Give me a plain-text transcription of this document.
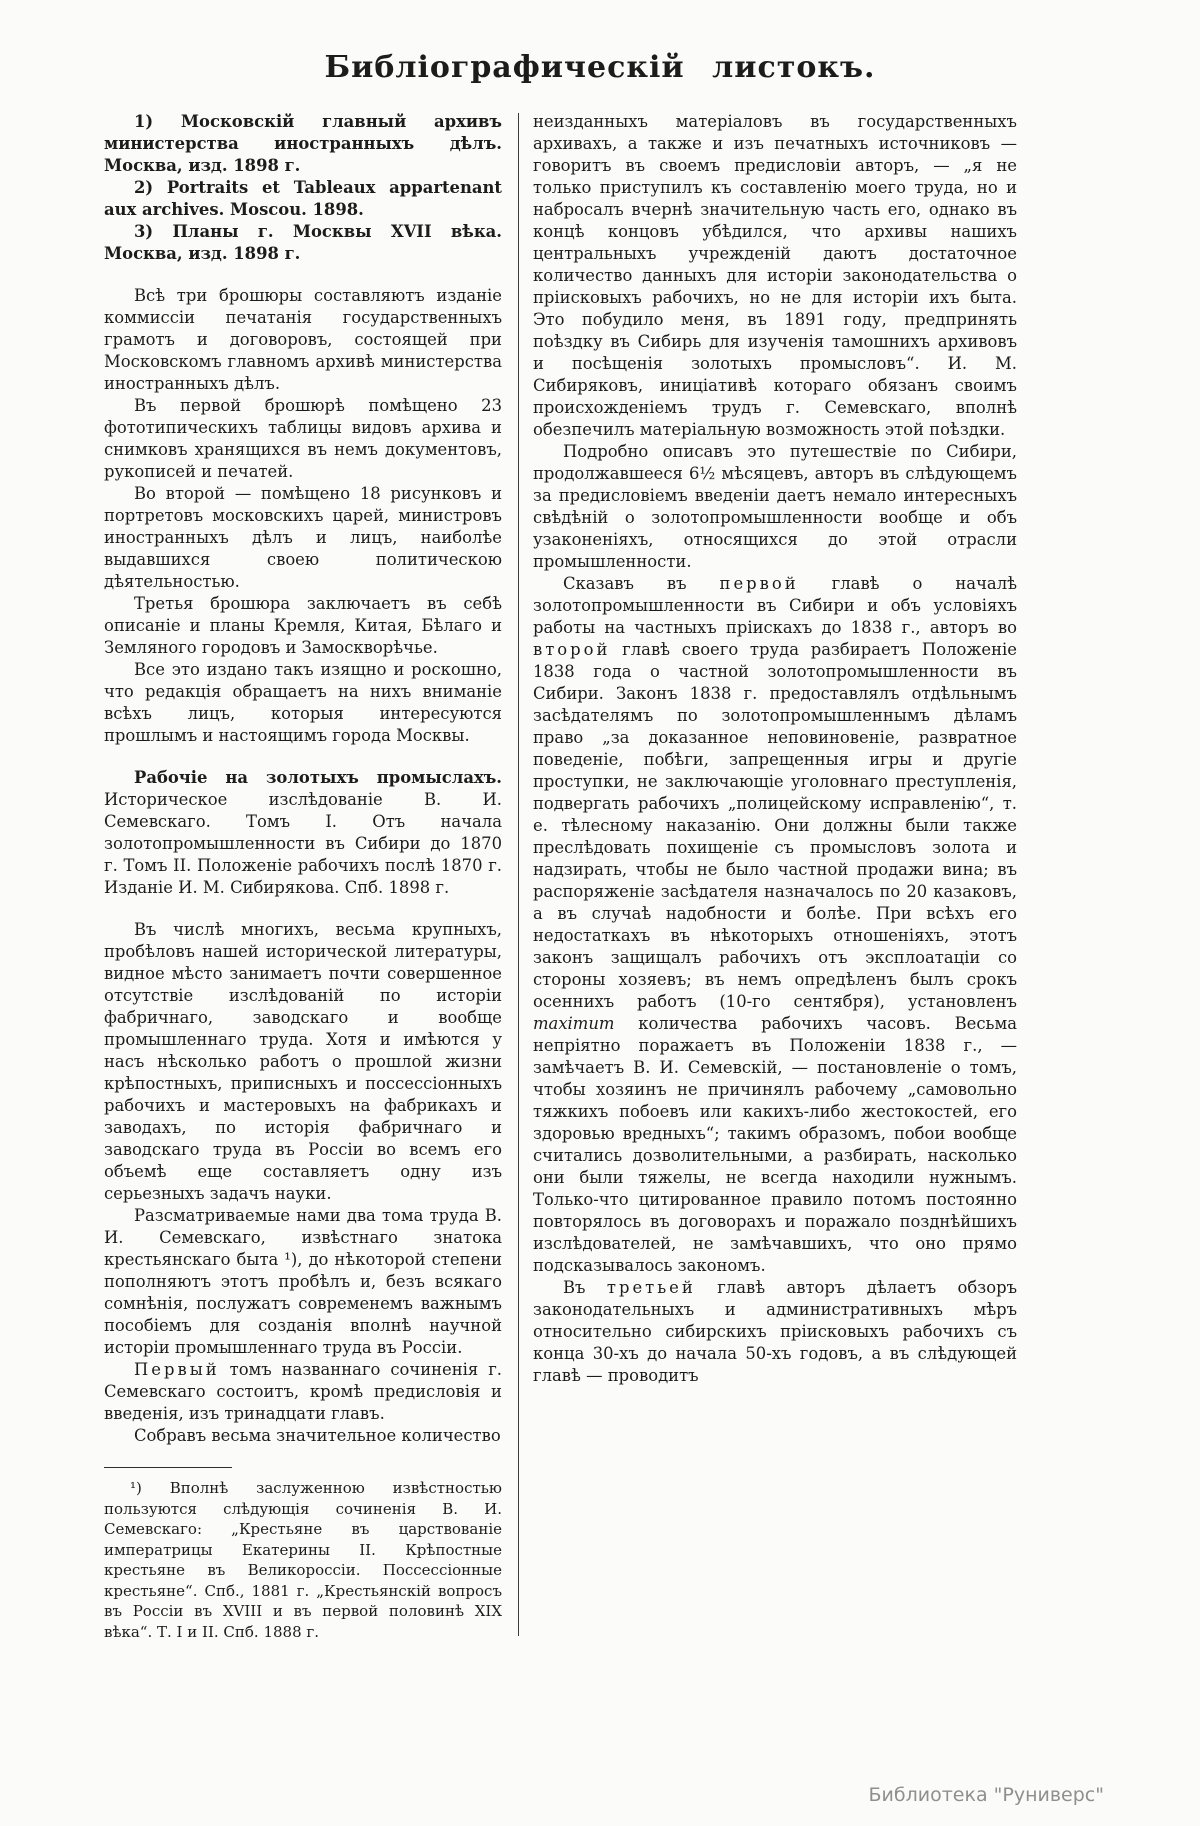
Библіографическій листокъ.

1) Московскій главный архивъ министерства иностранныхъ дѣлъ. Москва, изд. 1898 г.

2) Portraits et Tableaux appartenant aux archives. Moscou. 1898.

3) Планы г. Москвы XVII вѣка. Москва, изд. 1898 г.

Всѣ три брошюры составляютъ изданіе коммиссіи печатанія государственныхъ грамотъ и договоровъ, состоящей при Московскомъ главномъ архивѣ министерства иностранныхъ дѣлъ.

Въ первой брошюрѣ помѣщено 23 фототипическихъ таблицы видовъ архива и снимковъ хранящихся въ немъ документовъ, рукописей и печатей.

Во второй — помѣщено 18 рисунковъ и портретовъ московскихъ царей, министровъ иностранныхъ дѣлъ и лицъ, наиболѣе выдавшихся своею политическою дѣятельностью.

Третья брошюра заключаетъ въ себѣ описаніе и планы Кремля, Китая, Бѣлаго и Земляного городовъ и Замоскворѣчье.

Все это издано такъ изящно и роскошно, что редакція обращаетъ на нихъ вниманіе всѣхъ лицъ, которыя интересуются прошлымъ и настоящимъ города Москвы.

Рабочіе на золотыхъ промыслахъ. Историческое изслѣдованіе В. И. Семевскаго. Томъ I. Отъ начала золотопромышленности въ Сибири до 1870 г. Томъ II. Положеніе рабочихъ послѣ 1870 г. Изданіе И. М. Сибирякова. Спб. 1898 г.

Въ числѣ многихъ, весьма крупныхъ, пробѣловъ нашей исторической литературы, видное мѣсто занимаетъ почти совершенное отсутствіе изслѣдованій по исторіи фабричнаго, заводскаго и вообще промышленнаго труда. Хотя и имѣются у насъ нѣсколько работъ о прошлой жизни крѣпостныхъ, приписныхъ и поссессіонныхъ рабочихъ и мастеровыхъ на фабрикахъ и заводахъ, по исторія фабричнаго и заводскаго труда въ Россіи во всемъ его объемѣ еще составляетъ одну изъ серьезныхъ задачъ науки.

Разсматриваемые нами два тома труда В. И. Семевскаго, извѣстнаго знатока крестьянскаго быта ¹), до нѣкоторой степени пополняютъ этотъ пробѣлъ и, безъ всякаго сомнѣнія, послужатъ современемъ важнымъ пособіемъ для созданія вполнѣ научной исторіи промышленнаго труда въ Россіи.

Первый томъ названнаго сочиненія г. Семевскаго состоитъ, кромѣ предисловія и введенія, изъ тринадцати главъ.

Собравъ весьма значительное количество

¹) Вполнѣ заслуженною извѣстностью пользуются слѣдующія сочиненія В. И. Семевскаго: „Крестьяне въ царствованіе императрицы Екатерины II. Крѣпостные крестьяне въ Великороссіи. Поссессіонные крестьяне“. Спб., 1881 г. „Крестьянскій вопросъ въ Россіи въ XVIII и въ первой половинѣ XIX вѣка“. Т. I и II. Спб. 1888 г.

неизданныхъ матеріаловъ въ государственныхъ архивахъ, а также и изъ печатныхъ источниковъ — говоритъ въ своемъ предисловіи авторъ, — „я не только приступилъ къ составленію моего труда, но и набросалъ вчернѣ значительную часть его, однако въ концѣ концовъ убѣдился, что архивы нашихъ центральныхъ учрежденій даютъ достаточное количество данныхъ для исторіи законодательства о пріисковыхъ рабочихъ, но не для исторіи ихъ быта. Это побудило меня, въ 1891 году, предпринять поѣздку въ Сибирь для изученія тамошнихъ архивовъ и посѣщенія золотыхъ промысловъ“. И. М. Сибиряковъ, иниціативѣ котораго обязанъ своимъ происхожденіемъ трудъ г. Семевскаго, вполнѣ обезпечилъ матеріальную возможность этой поѣздки.

Подробно описавъ это путешествіе по Сибири, продолжавшееся 6½ мѣсяцевъ, авторъ въ слѣдующемъ за предисловіемъ введеніи даетъ немало интересныхъ свѣдѣній о золотопромышленности вообще и объ узаконеніяхъ, относящихся до этой отрасли промышленности.

Сказавъ въ первой главѣ о началѣ золотопромышленности въ Сибири и объ условіяхъ работы на частныхъ пріискахъ до 1838 г., авторъ во второй главѣ своего труда разбираетъ Положеніе 1838 года о частной золотопромышленности въ Сибири. Законъ 1838 г. предоставлялъ отдѣльнымъ засѣдателямъ по золотопромышленнымъ дѣламъ право „за доказанное неповиновеніе, развратное поведеніе, побѣги, запрещенныя игры и другіе проступки, не заключающіе уголовнаго преступленія, подвергать рабочихъ „полицейскому исправленію“, т. е. тѣлесному наказанію. Они должны были также преслѣдовать похищеніе съ промысловъ золота и надзирать, чтобы не было частной продажи вина; въ распоряженіе засѣдателя назначалось по 20 казаковъ, а въ случаѣ надобности и болѣе. При всѣхъ его недостаткахъ въ нѣкоторыхъ отношеніяхъ, этотъ законъ защищалъ рабочихъ отъ эксплоатаціи со стороны хозяевъ; въ немъ опредѣленъ былъ срокъ осеннихъ работъ (10-го сентября), установленъ maximum количества рабочихъ часовъ. Весьма непріятно поражаетъ въ Положеніи 1838 г., — замѣчаетъ В. И. Семевскій, — постановленіе о томъ, чтобы хозяинъ не причинялъ рабочему „самовольно тяжкихъ побоевъ или какихъ-либо жестокостей, его здоровью вредныхъ“; такимъ образомъ, побои вообще считались дозволительными, а разбирать, насколько они были тяжелы, не всегда находили нужнымъ. Только-что цитированное правило потомъ постоянно повторялось въ договорахъ и поражало позднѣйшихъ изслѣдователей, не замѣчавшихъ, что оно прямо подсказывалось закономъ.

Въ третьей главѣ авторъ дѣлаетъ обзоръ законодательныхъ и административныхъ мѣръ относительно сибирскихъ пріисковыхъ рабочихъ съ конца 30-хъ до начала 50-хъ годовъ, а въ слѣдующей главѣ — проводитъ

Библиотека "Руниверс"
